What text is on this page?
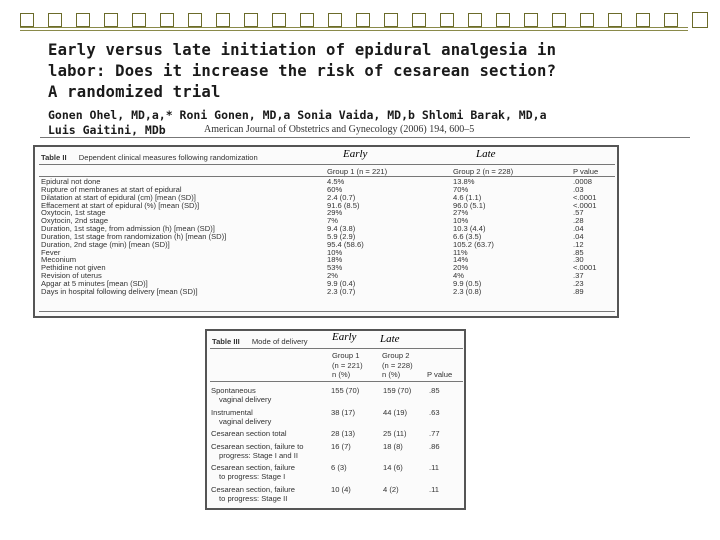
Early versus late initiation of epidural analgesia in
labor: Does it increase the risk of cesarean section?
A randomized trial
Gonen Ohel, MD,a,* Roni Gonen, MD,a Sonia Vaida, MD,b Shlomi Barak, MD,a
Luis Gaitini, MDb	American Journal of Obstetrics and Gynecology (2006) 194, 600–5
Table II Dependent clinical measures following randomization
Group 1 (n = 221)	Group 2 (n = 228)	P value
Epidural not done	4.5%	13.8%	.0008
Rupture of membranes at start of epidural	60%	70%	.03
Dilatation at start of epidural (cm) [mean (SD)]	2.4 (0.7)	4.6 (1.1)	<.0001
Effacement at start of epidural (%) [mean (SD)]	91.6 (8.5)	96.0 (5.1)	<.0001
Oxytocin, 1st stage	29%	27%	.57
Oxytocin, 2nd stage	7%	10%	.28
Duration, 1st stage, from admission (h) [mean (SD)]	9.4 (3.8)	10.3 (4.4)	.04
Duration, 1st stage from randomization (h) [mean (SD)]	5.9 (2.9)	6.6 (3.5)	.04
Duration, 2nd stage (min) [mean (SD)]	95.4 (58.6)	105.2 (63.7)	.12
Fever	10%	11%	.85
Meconium	18%	14%	.30
Pethidine not given	53%	20%	<.0001
Revision of uterus	2%	4%	.37
Apgar at 5 minutes [mean (SD)]	9.9 (0.4)	9.9 (0.5)	.23
Days in hospital following delivery [mean (SD)]	2.3 (0.7)	2.3 (0.8)	.89
Early	Late
Table III Mode of delivery
Group 1
(n = 221)
n (%)
Group 2
(n = 228)
n (%)	P value
Spontaneous
vaginal delivery
155 (70)	159 (70) .85
Instrumental
vaginal delivery
38 (17)	44 (19)	.63
Cesarean section total	28 (13)	25 (11)	.77
Cesarean section, failure to
progress: Stage I and II
16 (7)	18 (8)	.86
Cesarean section, failure
to progress: Stage I
6 (3)	14 (6)	.11
Cesarean section, failure
to progress: Stage II
10 (4)	4 (2)	.11
Early Late
